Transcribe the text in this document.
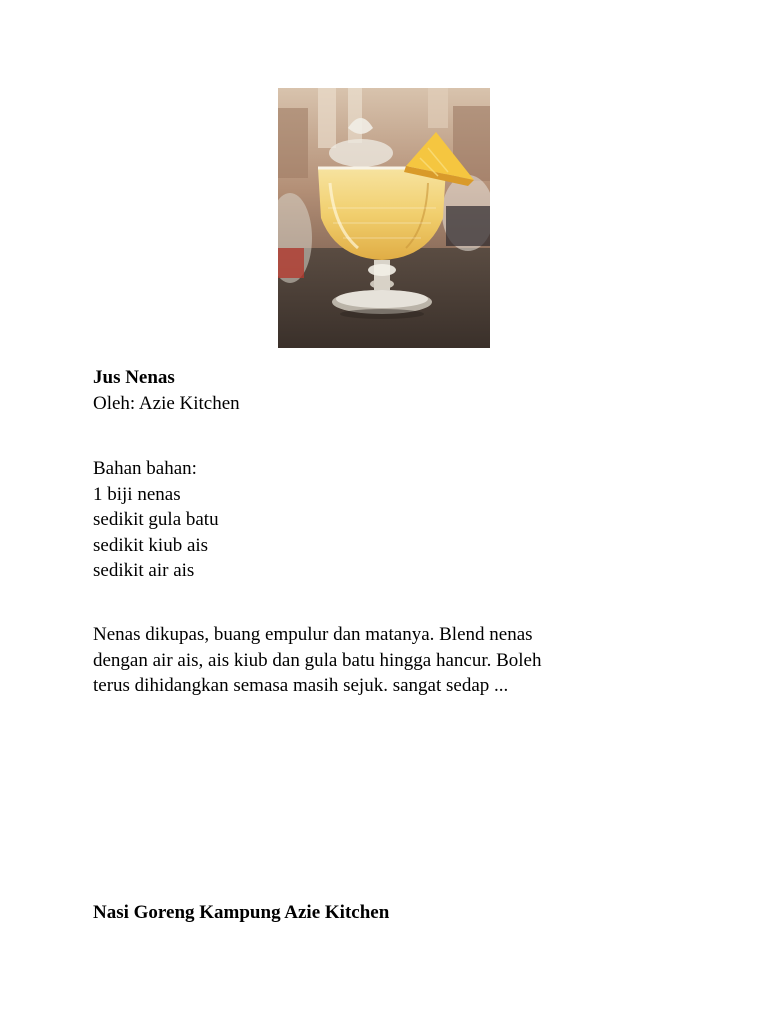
Jus Nenas
Oleh: Azie Kitchen
Bahan bahan:
1 biji nenas
sedikit gula batu
sedikit kiub ais
sedikit air ais
Nenas dikupas, buang empulur dan matanya. Blend nenas
dengan air ais, ais kiub dan gula batu hingga hancur. Boleh
terus dihidangkan semasa masih sejuk. sangat sedap ...
Nasi Goreng Kampung Azie Kitchen
